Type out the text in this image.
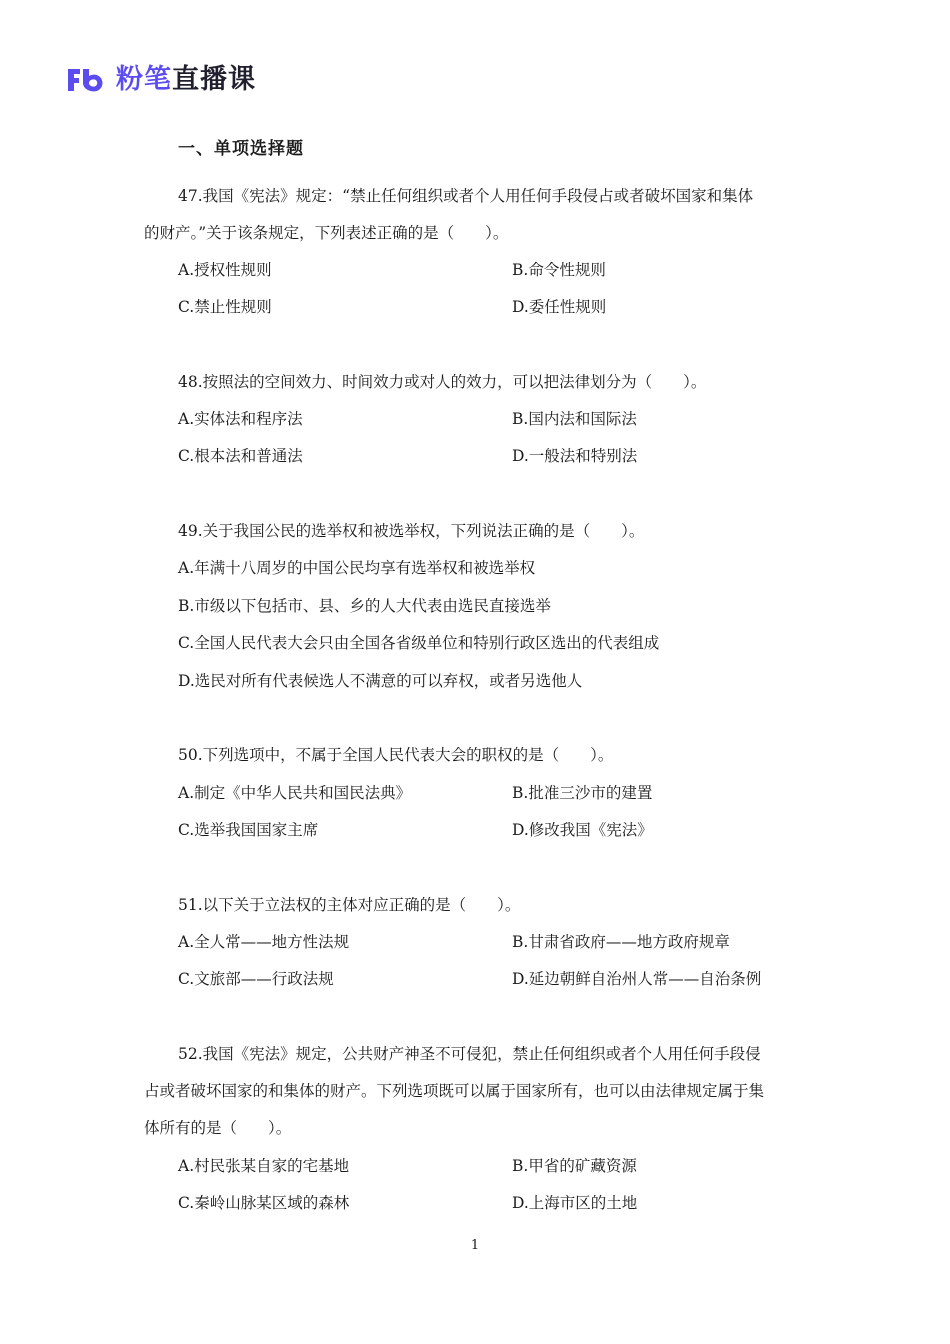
粉笔直播课
一、单项选择题
47.我国《宪法》规定：“禁止任何组织或者个人用任何手段侵占或者破坏国家和集体
的财产。”关于该条规定，下列表述正确的是（　　）。
A.授权性规则	B.命令性规则
C.禁止性规则	D.委任性规则
48.按照法的空间效力、时间效力或对人的效力，可以把法律划分为（　　）。
A.实体法和程序法	B.国内法和国际法
C.根本法和普通法	D.一般法和特别法
49.关于我国公民的选举权和被选举权，下列说法正确的是（　　）。
A.年满十八周岁的中国公民均享有选举权和被选举权
B.市级以下包括市、县、乡的人大代表由选民直接选举
C.全国人民代表大会只由全国各省级单位和特别行政区选出的代表组成
D.选民对所有代表候选人不满意的可以弃权，或者另选他人
50.下列选项中，不属于全国人民代表大会的职权的是（　　）。
A.制定《中华人民共和国民法典》	B.批准三沙市的建置
C.选举我国国家主席	D.修改我国《宪法》
51.以下关于立法权的主体对应正确的是（　　）。
A.全人常——地方性法规	B.甘肃省政府——地方政府规章
C.文旅部——行政法规	D.延边朝鲜自治州人常——自治条例
52.我国《宪法》规定，公共财产神圣不可侵犯，禁止任何组织或者个人用任何手段侵
占或者破坏国家的和集体的财产。下列选项既可以属于国家所有，也可以由法律规定属于集
体所有的是（　　）。
A.村民张某自家的宅基地	B.甲省的矿藏资源
C.秦岭山脉某区域的森林	D.上海市区的土地
1
